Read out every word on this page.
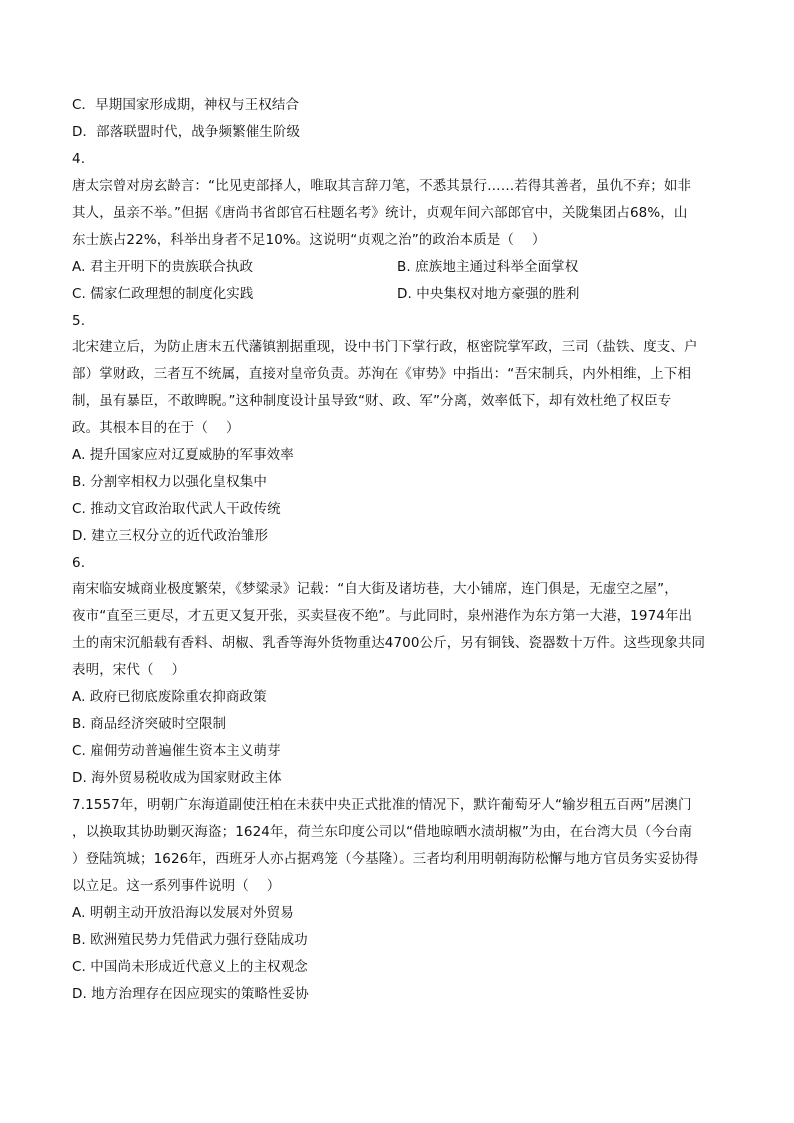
C．早期国家形成期，神权与王权结合
D．部落联盟时代，战争频繁催生阶级
4.
唐太宗曾对房玄龄言：“比见吏部择人，唯取其言辞刀笔，不悉其景行……若得其善者，虽仇不弃；如非
其人，虽亲不举。”但据《唐尚书省郎官石柱题名考》统计，贞观年间六部郎官中，关陇集团占68%，山
东士族占22%，科举出身者不足10%。这说明“贞观之治”的政治本质是（　 ）
A. 君主开明下的贵族联合执政	B. 庶族地主通过科举全面掌权
C. 儒家仁政理想的制度化实践	D. 中央集权对地方豪强的胜利
5.
北宋建立后，为防止唐末五代藩镇割据重现，设中书门下掌行政，枢密院掌军政，三司（盐铁、度支、户
部）掌财政，三者互不统属，直接对皇帝负责。苏洵在《审势》中指出：“吾宋制兵，内外相维，上下相
制，虽有暴臣，不敢睥睨。”这种制度设计虽导致“财、政、军”分离，效率低下，却有效杜绝了权臣专
政。其根本目的在于（　 ）
A. 提升国家应对辽夏威胁的军事效率
B. 分割宰相权力以强化皇权集中
C. 推动文官政治取代武人干政传统
D. 建立三权分立的近代政治雏形
6.
南宋临安城商业极度繁荣，《梦粱录》记载：“自大街及诸坊巷，大小铺席，连门俱是，无虚空之屋”，
夜市“直至三更尽，才五更又复开张，买卖昼夜不绝”。与此同时，泉州港作为东方第一大港，1974年出
土的南宋沉船载有香料、胡椒、乳香等海外货物重达4700公斤，另有铜钱、瓷器数十万件。这些现象共同
表明，宋代（　 ）
A. 政府已彻底废除重农抑商政策
B. 商品经济突破时空限制
C. 雇佣劳动普遍催生资本主义萌芽
D. 海外贸易税收成为国家财政主体
7.1557年，明朝广东海道副使汪柏在未获中央正式批准的情况下，默许葡萄牙人“输岁租五百两”居澳门
，以换取其协助剿灭海盗；1624年，荷兰东印度公司以“借地晾晒水渍胡椒”为由，在台湾大员（今台南
）登陆筑城；1626年，西班牙人亦占据鸡笼（今基隆）。三者均利用明朝海防松懈与地方官员务实妥协得
以立足。这一系列事件说明（　 ）
A. 明朝主动开放沿海以发展对外贸易
B. 欧洲殖民势力凭借武力强行登陆成功
C. 中国尚未形成近代意义上的主权观念
D. 地方治理存在因应现实的策略性妥协
